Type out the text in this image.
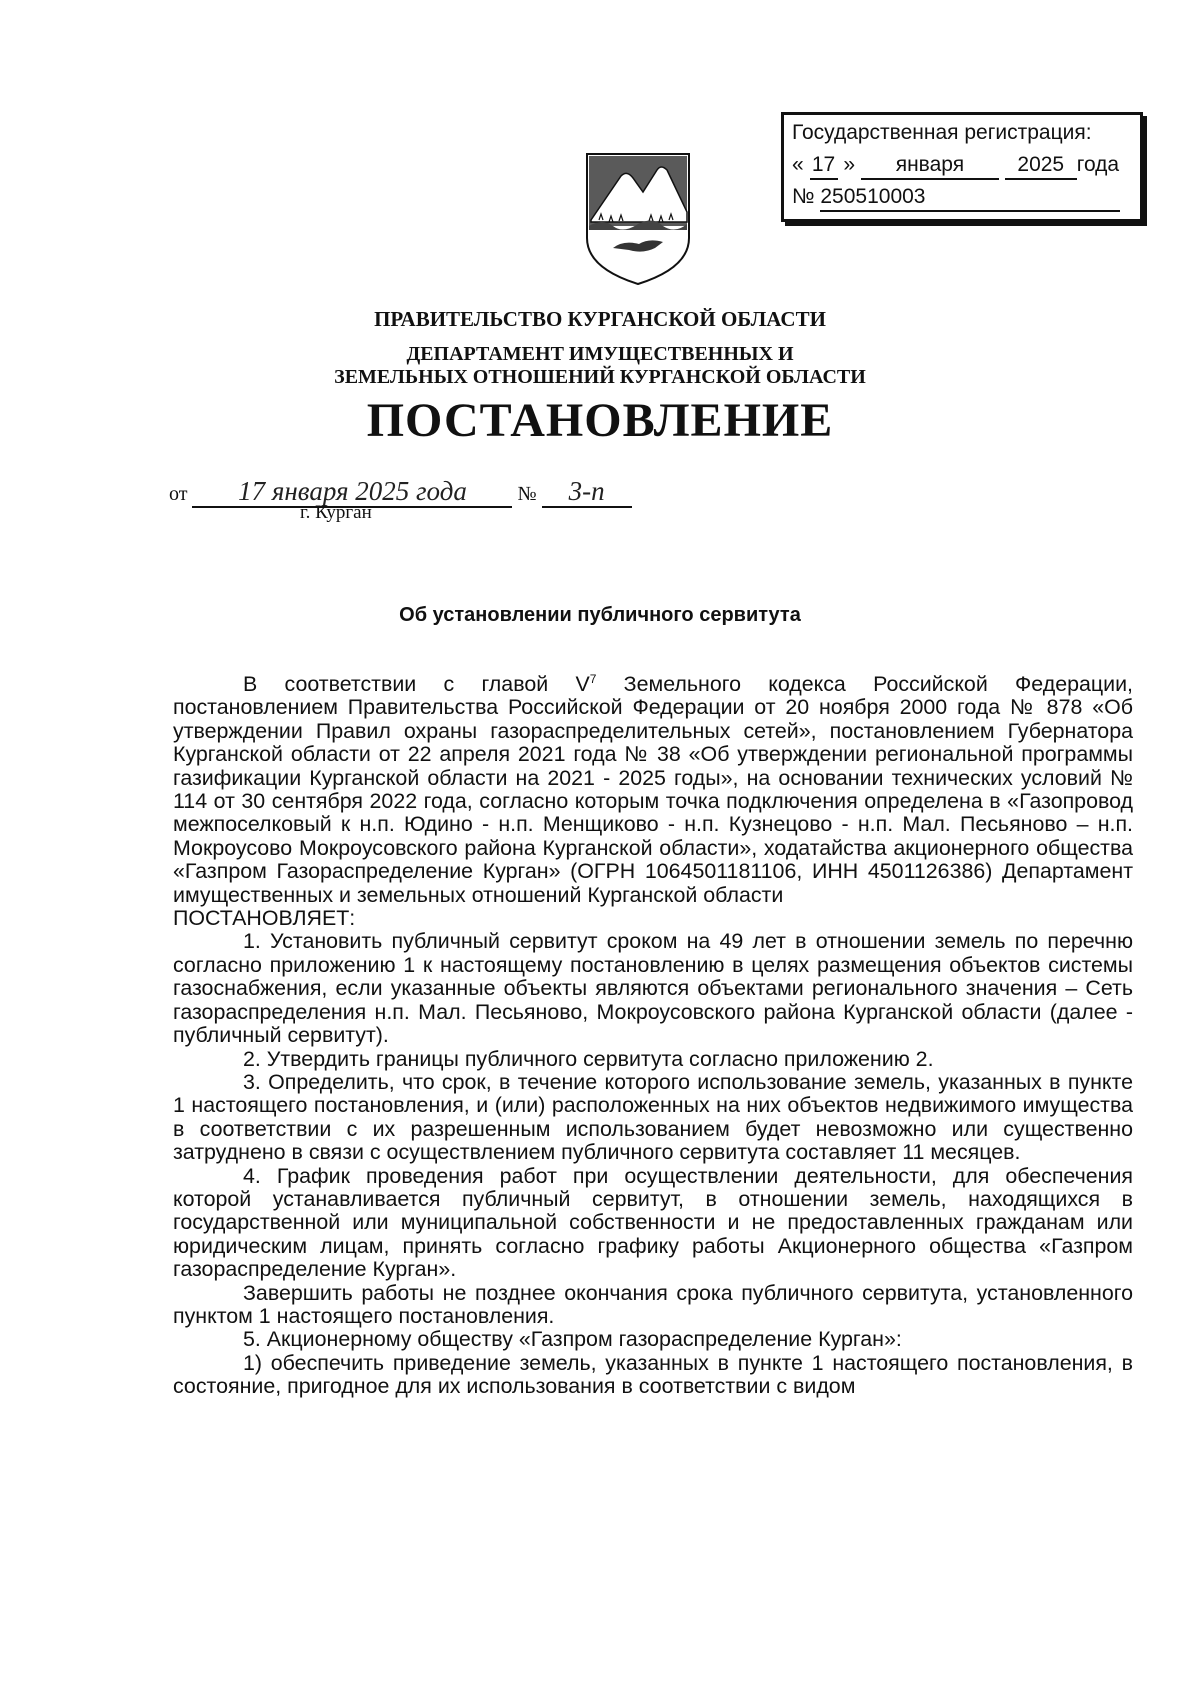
Государственная регистрация:
« 17 » января	2025 года
№ 250510003
ПРАВИТЕЛЬСТВО КУРГАНСКОЙ ОБЛАСТИ
ДЕПАРТАМЕНТ ИМУЩЕСТВЕННЫХ И
ЗЕМЕЛЬНЫХ ОТНОШЕНИЙ КУРГАНСКОЙ ОБЛАСТИ
ПОСТАНОВЛЕНИЕ
от 17 января 2025 года	№ 3-п
г. Курган
Об установлении публичного сервитута

В соответствии с главой $V^7$ Земельного кодекса Российской Федерации, постановлением Правительства Российской Федерации от 20 ноября 2000 года № 878 «Об утверждении Правил охраны газораспределительных сетей», постановлением Губернатора Курганской области от 22 апреля 2021 года № 38 «Об утверждении региональной программы газификации Курганской области на 2021 - 2025 годы», на основании технических условий № 114 от 30 сентября 2022 года, согласно которым точка подключения определена в «Газопровод межпоселковый к н.п. Юдино - н.п. Менщиково - н.п. Кузнецово - н.п. Мал. Песьяново – н.п. Мокроусово Мокроусовского района Курганской области», ходатайства акционерного общества «Газпром Газораспределение Курган» (ОГРН 1064501181106, ИНН 4501126386) Департамент имущественных и земельных отношений Курганской области

ПОСТАНОВЛЯЕТ:

1. Установить публичный сервитут сроком на 49 лет в отношении земель по перечню согласно приложению 1 к настоящему постановлению в целях размещения объектов системы газоснабжения, если указанные объекты являются объектами регионального значения – Сеть газораспределения н.п. Мал. Песьяново, Мокроусовского района Курганской области (далее - публичный сервитут).

2. Утвердить границы публичного сервитута согласно приложению 2.

3. Определить, что срок, в течение которого использование земель, указанных в пункте 1 настоящего постановления, и (или) расположенных на них объектов недвижимого имущества в соответствии с их разрешенным использованием будет невозможно или существенно затруднено в связи с осуществлением публичного сервитута составляет 11 месяцев.

4. График проведения работ при осуществлении деятельности, для обеспечения которой устанавливается публичный сервитут, в отношении земель, находящихся в государственной или муниципальной собственности и не предоставленных гражданам или юридическим лицам, принять согласно графику работы Акционерного общества «Газпром газораспределение Курган».

Завершить работы не позднее окончания срока публичного сервитута, установленного пунктом 1 настоящего постановления.

5. Акционерному обществу «Газпром газораспределение Курган»:

1) обеспечить приведение земель, указанных в пункте 1 настоящего постановления, в состояние, пригодное для их использования в соответствии с видом
